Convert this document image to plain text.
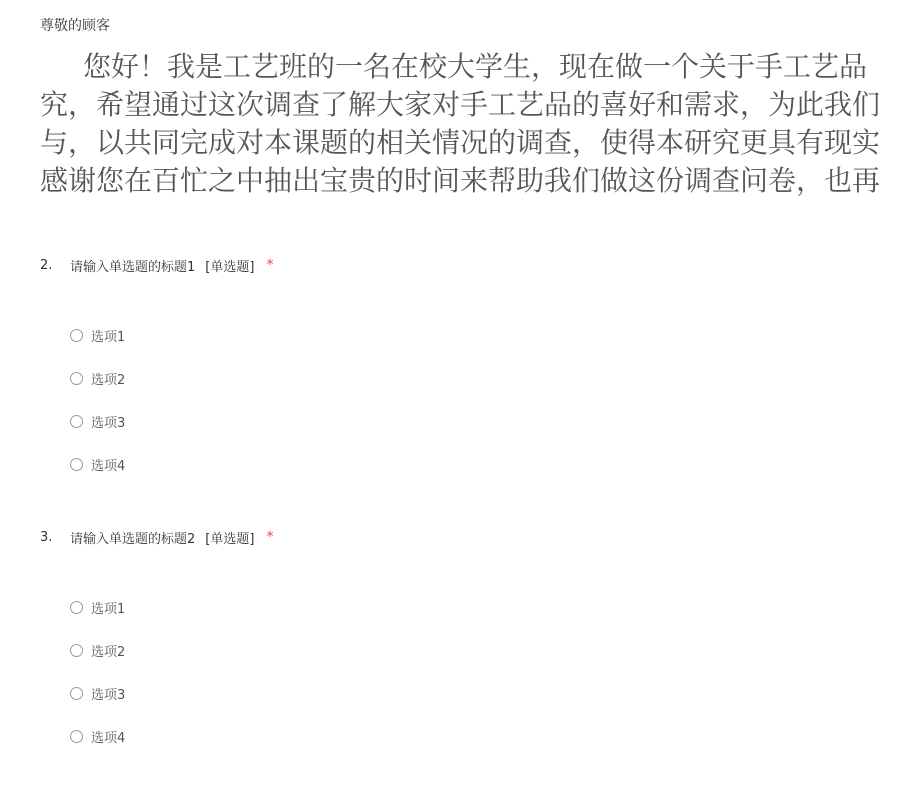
尊敬的顾客
您好！我是工艺班的一名在校大学生，现在做一个关于手工艺品
究，希望通过这次调查了解大家对手工艺品的喜好和需求，为此我们
与，以共同完成对本课题的相关情况的调查，使得本研究更具有现实
感谢您在百忙之中抽出宝贵的时间来帮助我们做这份调查问卷，也再
2.	请输入单选题的标题1 [单选题] *
选项1
选项2
选项3
选项4
3.	请输入单选题的标题2 [单选题] *
选项1
选项2
选项3
选项4
